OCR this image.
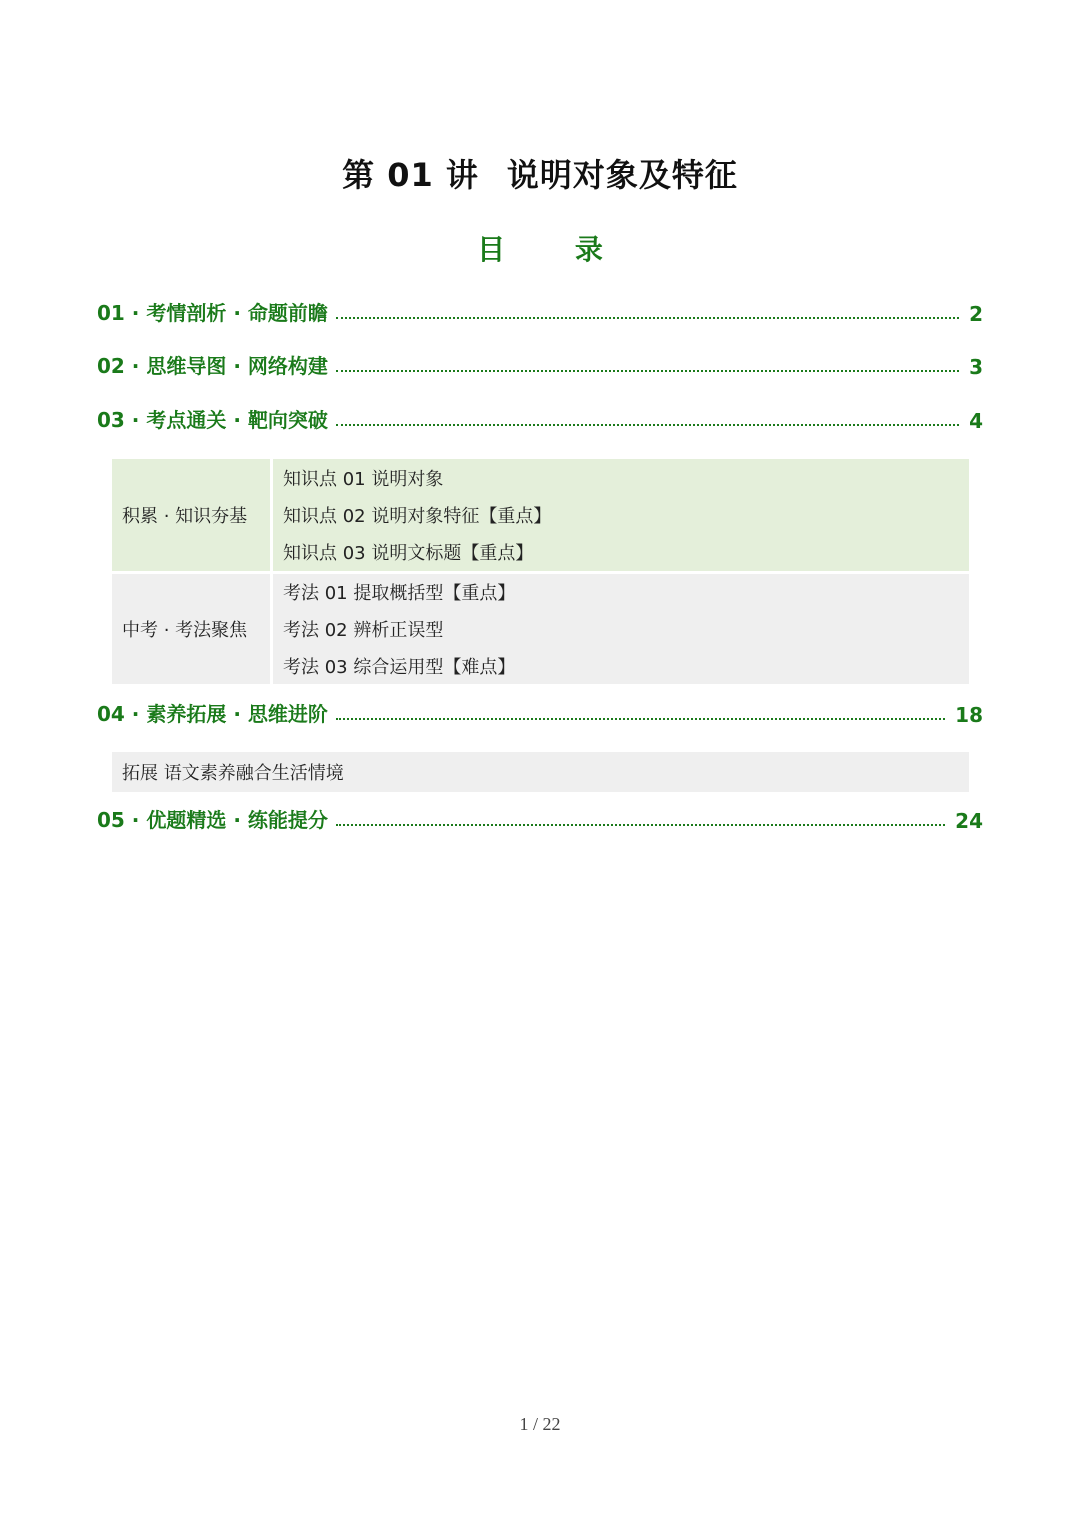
第 01 讲 说明对象及特征
目 录
01 · 考情剖析 · 命题前瞻	2
02 · 思维导图 · 网络构建	3
03 · 考点通关 · 靶向突破	4
积累 · 知识夯基
知识点 01 说明对象
知识点 02 说明对象特征【重点】
知识点 03 说明文标题【重点】
中考 · 考法聚焦
考法 01 提取概括型【重点】
考法 02 辨析正误型
考法 03 综合运用型【难点】
04 · 素养拓展 · 思维进阶	18
拓展 语文素养融合生活情境
05 · 优题精选 · 练能提分	24
1 / 22
